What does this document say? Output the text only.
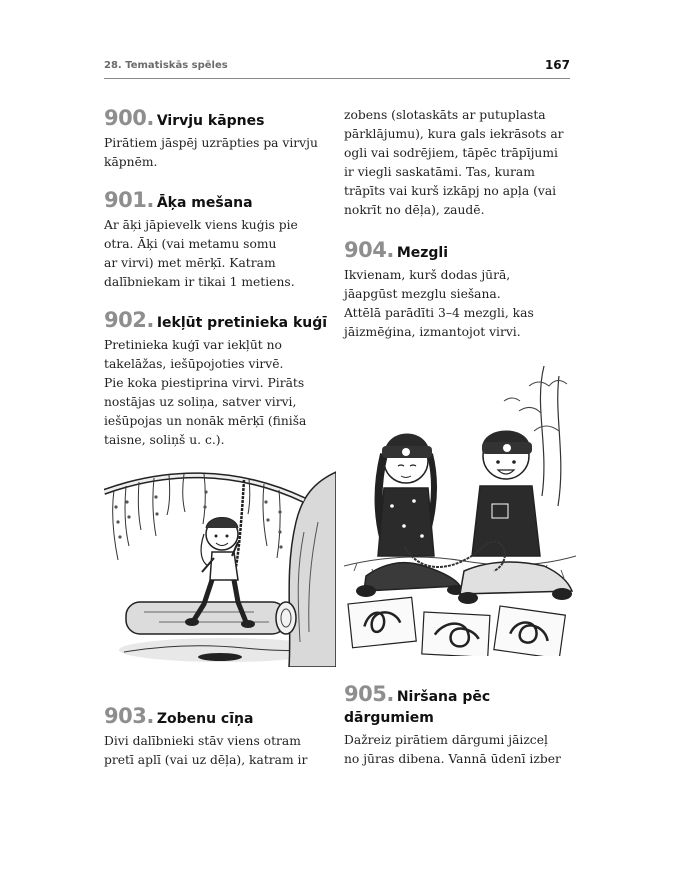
28. Tematiskās spēles	167
900. Virvju kāpnes

Pirātiem jāspēj uzrāpties pa virvju

kāpnēm.

901. Āķa mešana

Ar āķi jāpievelk viens kuģis pie

otra. Āķi (vai metamu somu

ar virvi) met mērķī. Katram

dalībniekam ir tikai 1 metiens.

902. Iekļūt pretinieka kuģī

Pretinieka kuģī var iekļūt no

takelāžas, iešūpojoties virvē.

Pie koka piestiprina virvi. Pirāts

nostājas uz soliņa, satver virvi,

iešūpojas un nonāk mērķī (finiša

taisne, soliņš u. c.).

903. Zobenu cīņa

Divi dalībnieki stāv viens otram

pretī aplī (vai uz dēļa), katram ir

zobens (slotaskāts ar putuplasta

pārklājumu), kura gals iekrāsots ar

ogli vai sodrējiem, tāpēc trāpījumi

ir viegli saskatāmi. Tas, kuram

trāpīts vai kurš izkāpj no apļa (vai

nokrīt no dēļa), zaudē.

904. Mezgli

Ikvienam, kurš dodas jūrā,

jāapgūst mezglu siešana.

Attēlā parādīti 3–4 mezgli, kas

jāizmēģina, izmantojot virvi.

905. Niršana pēc
dārgumiem

Dažreiz pirātiem dārgumi jāizceļ

no jūras dibena. Vannā ūdenī izber
